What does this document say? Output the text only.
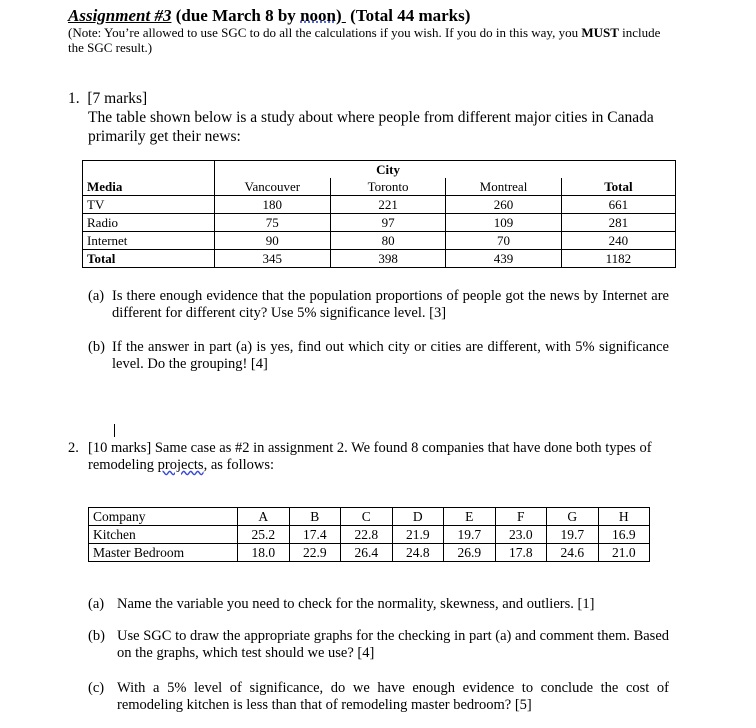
Assignment #3 (due March 8 by noon) (Total 44 marks)
(Note: You’re allowed to use SGC to do all the calculations if you wish. If you do in this way, you MUST include the SGC result.)
1. [7 marks]
The table shown below is a study about where people from different major cities in Canada primarily get their news:
		City		
Media	Vancouver	Toronto	Montreal	Total
TV	180	221	260	661
Radio	75	97	109	281
Internet	90	80	70	240
Total	345	398	439	1182
(a) Is there enough evidence that the population proportions of people got the news by Internet are different for different city? Use 5% significance level. [3]
(b) If the answer in part (a) is yes, find out which city or cities are different, with 5% significance level. Do the grouping! [4]
2. [10 marks] Same case as #2 in assignment 2. We found 8 companies that have done both types of remodeling projects, as follows:
Company	A	B	C	D	E	F	G	H
Kitchen	25.2	17.4	22.8	21.9	19.7	23.0	19.7	16.9
Master Bedroom	18.0	22.9	26.4	24.8	26.9	17.8	24.6	21.0
(a) Name the variable you need to check for the normality, skewness, and outliers. [1]
(b) Use SGC to draw the appropriate graphs for the checking in part (a) and comment them. Based on the graphs, which test should we use? [4]
(c) With a 5% level of significance, do we have enough evidence to conclude the cost of remodeling kitchen is less than that of remodeling master bedroom? [5]
